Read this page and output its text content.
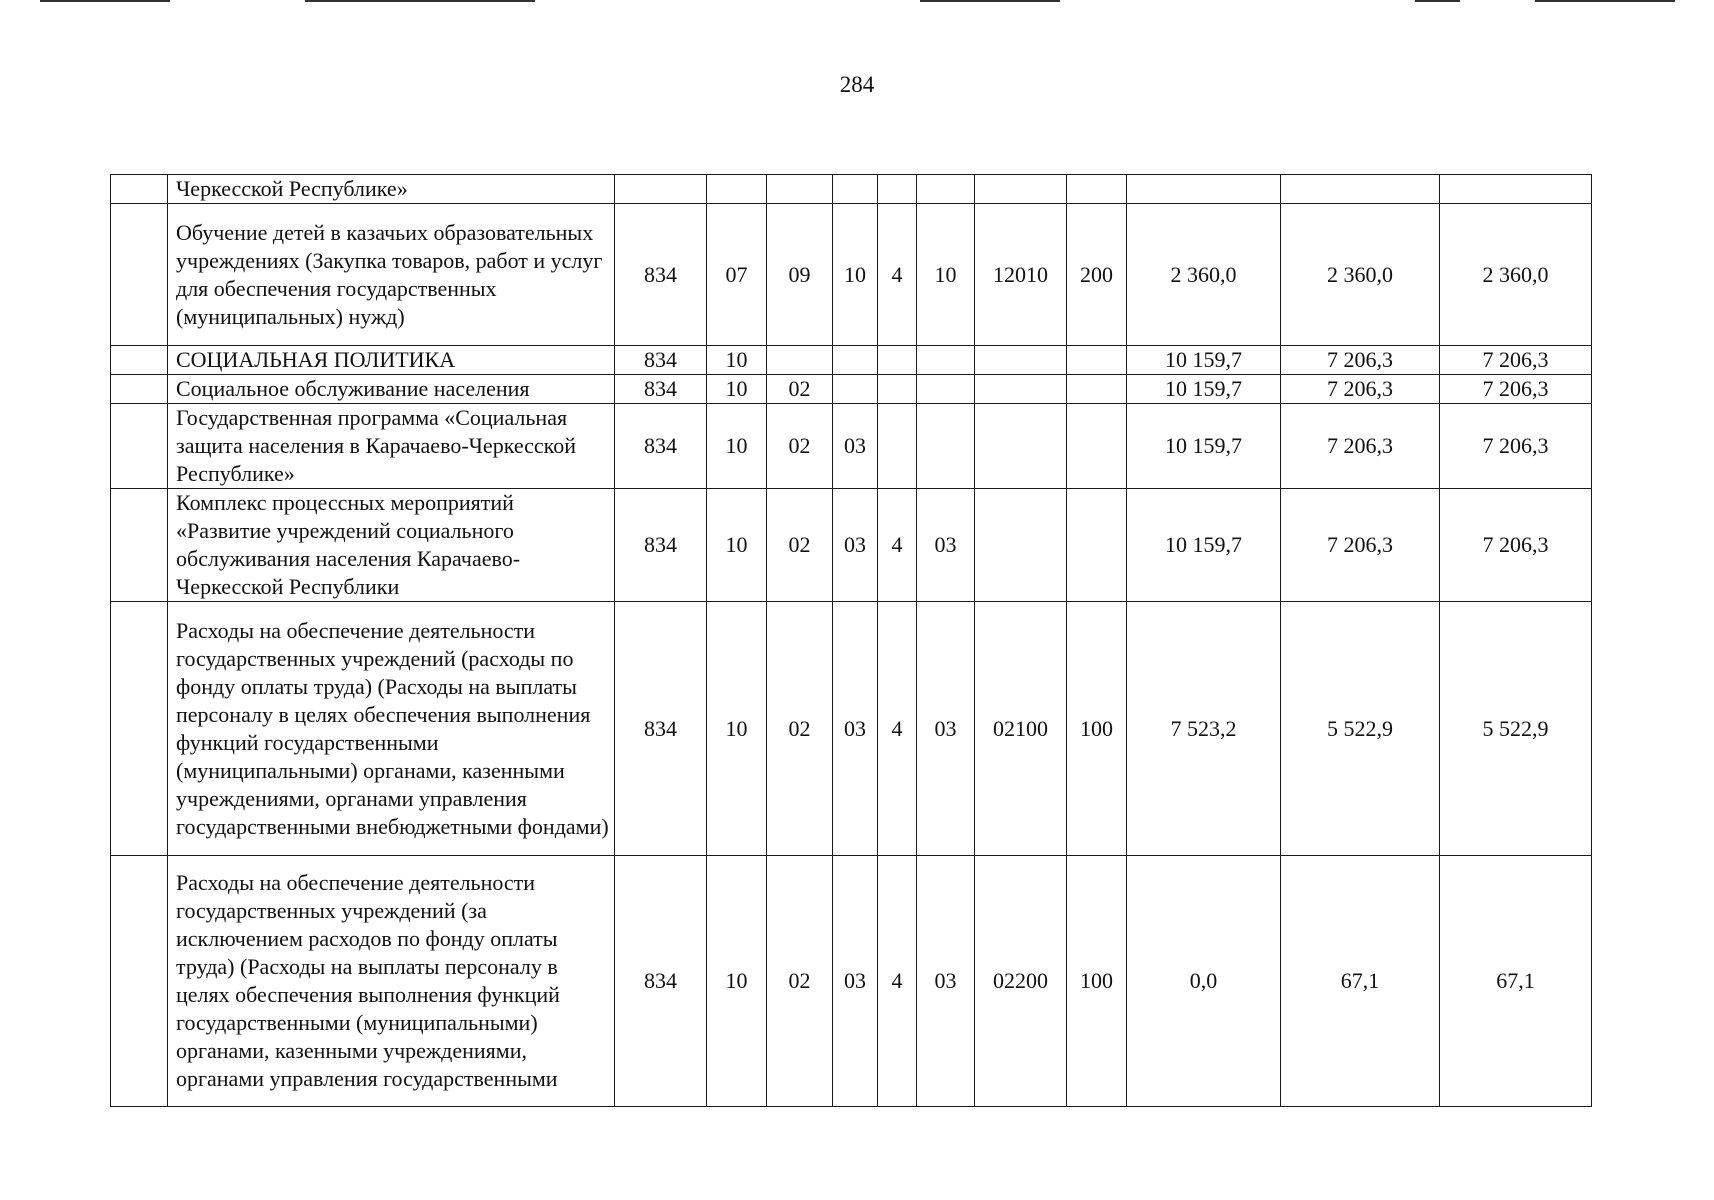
284
	Черкесской Республике»											
	Обучение детей в казачьих образовательных учреждениях (Закупка товаров, работ и услуг для обеспечения государственных (муниципальных) нужд)	834	07	09	10	4	10	12010	200	2 360,0	2 360,0	2 360,0
	СОЦИАЛЬНАЯ ПОЛИТИКА	834	10							10 159,7	7 206,3	7 206,3
	Социальное обслуживание населения	834	10	02						10 159,7	7 206,3	7 206,3
	Государственная программа «Социальная защита населения в Карачаево-Черкесской Республике»	834	10	02	03					10 159,7	7 206,3	7 206,3
	Комплекс процессных мероприятий «Развитие учреждений социального обслуживания населения Карачаево-Черкесской Республики	834	10	02	03	4	03			10 159,7	7 206,3	7 206,3
	Расходы на обеспечение деятельности государственных учреждений (расходы по фонду оплаты труда) (Расходы на выплаты персоналу в целях обеспечения выполнения функций государственными (муниципальными) органами, казенными учреждениями, органами управления государственными внебюджетными фондами)	834	10	02	03	4	03	02100	100	7 523,2	5 522,9	5 522,9
	Расходы на обеспечение деятельности государственных учреждений (за исключением расходов по фонду оплаты труда) (Расходы на выплаты персоналу в целях обеспечения выполнения функций государственными (муниципальными) органами, казенными учреждениями, органами управления государственными	834	10	02	03	4	03	02200	100	0,0	67,1	67,1
